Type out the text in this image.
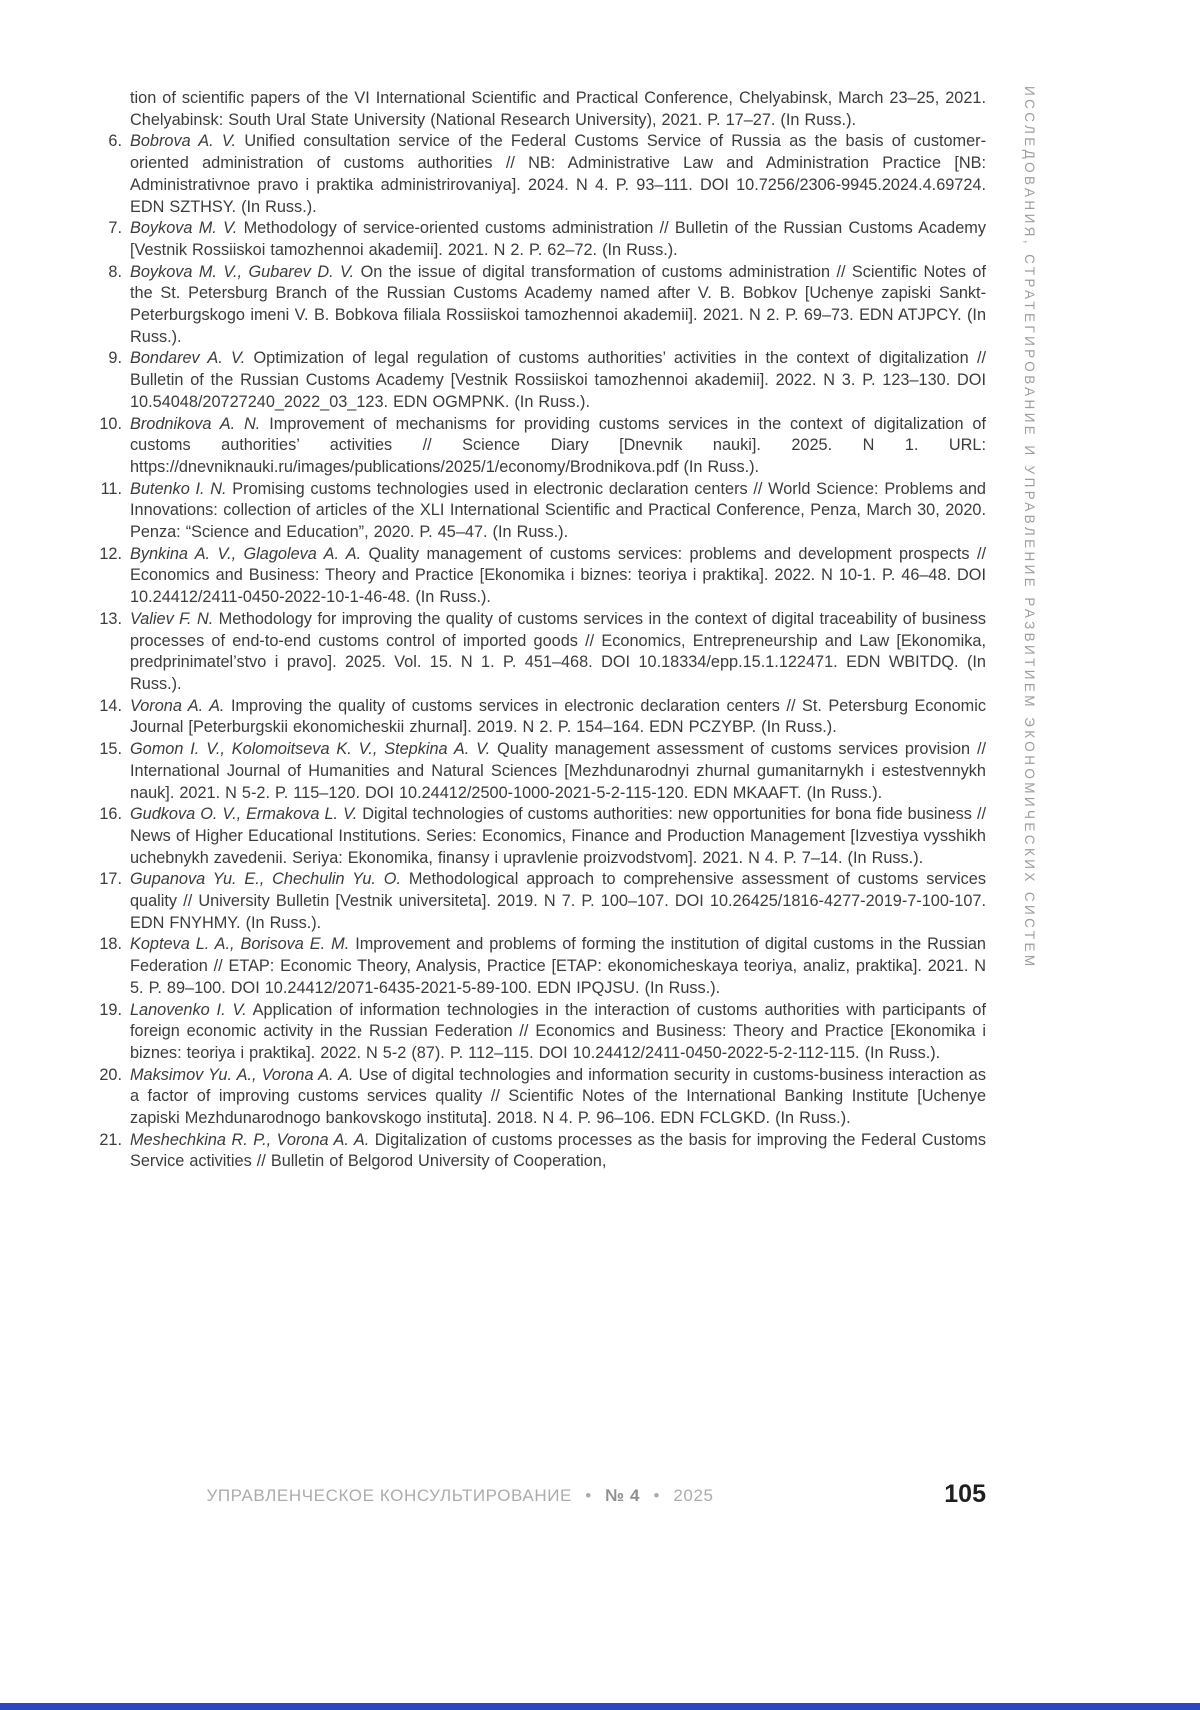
ИССЛЕДОВАНИЯ, СТРАТЕГИРОВАНИЕ И УПРАВЛЕНИЕ РАЗВИТИЕМ ЭКОНОМИЧЕСКИХ СИСТЕМ
tion of scientific papers of the VI International Scientific and Practical Conference, Chelyabinsk, March 23–25, 2021. Chelyabinsk: South Ural State University (National Research University), 2021. P. 17–27. (In Russ.).
6. Bobrova A. V. Unified consultation service of the Federal Customs Service of Russia as the basis of customer-oriented administration of customs authorities // NB: Administrative Law and Administration Practice [NB: Administrativnoe pravo i praktika administrirovaniya]. 2024. N 4. P. 93–111. DOI 10.7256/2306-9945.2024.4.69724. EDN SZTHSY. (In Russ.).
7. Boykova M. V. Methodology of service-oriented customs administration // Bulletin of the Russian Customs Academy [Vestnik Rossiiskoi tamozhennoi akademii]. 2021. N 2. P. 62–72. (In Russ.).
8. Boykova M. V., Gubarev D. V. On the issue of digital transformation of customs administration // Scientific Notes of the St. Petersburg Branch of the Russian Customs Academy named after V. B. Bobkov [Uchenye zapiski Sankt-Peterburgskogo imeni V. B. Bobkova filiala Rossiiskoi tamozhennoi akademii]. 2021. N 2. P. 69–73. EDN ATJPCY. (In Russ.).
9. Bondarev A. V. Optimization of legal regulation of customs authorities’ activities in the context of digitalization // Bulletin of the Russian Customs Academy [Vestnik Rossiiskoi tamozhennoi akademii]. 2022. N 3. P. 123–130. DOI 10.54048/20727240_2022_03_123. EDN OGMPNK. (In Russ.).
10. Brodnikova A. N. Improvement of mechanisms for providing customs services in the context of digitalization of customs authorities’ activities // Science Diary [Dnevnik nauki]. 2025. N 1. URL: https://dnevniknauki.ru/images/publications/2025/1/economy/Brodnikova.pdf (In Russ.).
11. Butenko I. N. Promising customs technologies used in electronic declaration centers // World Science: Problems and Innovations: collection of articles of the XLI International Scientific and Practical Conference, Penza, March 30, 2020. Penza: “Science and Education”, 2020. P. 45–47. (In Russ.).
12. Bynkina A. V., Glagoleva A. A. Quality management of customs services: problems and development prospects // Economics and Business: Theory and Practice [Ekonomika i biznes: teoriya i praktika]. 2022. N 10-1. P. 46–48. DOI 10.24412/2411-0450-2022-10-1-46-48. (In Russ.).
13. Valiev F. N. Methodology for improving the quality of customs services in the context of digital traceability of business processes of end-to-end customs control of imported goods // Economics, Entrepreneurship and Law [Ekonomika, predprinimatel’stvo i pravo]. 2025. Vol. 15. N 1. P. 451–468. DOI 10.18334/epp.15.1.122471. EDN WBITDQ. (In Russ.).
14. Vorona A. A. Improving the quality of customs services in electronic declaration centers // St. Petersburg Economic Journal [Peterburgskii ekonomicheskii zhurnal]. 2019. N 2. P. 154–164. EDN PCZYBP. (In Russ.).
15. Gomon I. V., Kolomoitseva K. V., Stepkina A. V. Quality management assessment of customs services provision // International Journal of Humanities and Natural Sciences [Mezhdunarodnyi zhurnal gumanitarnykh i estestvennykh nauk]. 2021. N 5-2. P. 115–120. DOI 10.24412/2500-1000-2021-5-2-115-120. EDN MKAAFT. (In Russ.).
16. Gudkova O. V., Ermakova L. V. Digital technologies of customs authorities: new opportunities for bona fide business // News of Higher Educational Institutions. Series: Economics, Finance and Production Management [Izvestiya vysshikh uchebnykh zavedenii. Seriya: Ekonomika, finansy i upravlenie proizvodstvom]. 2021. N 4. P. 7–14. (In Russ.).
17. Gupanova Yu. E., Chechulin Yu. O. Methodological approach to comprehensive assessment of customs services quality // University Bulletin [Vestnik universiteta]. 2019. N 7. P. 100–107. DOI 10.26425/1816-4277-2019-7-100-107. EDN FNYHMY. (In Russ.).
18. Kopteva L. A., Borisova E. M. Improvement and problems of forming the institution of digital customs in the Russian Federation // ETAP: Economic Theory, Analysis, Practice [ETAP: ekonomicheskaya teoriya, analiz, praktika]. 2021. N 5. P. 89–100. DOI 10.24412/2071-6435-2021-5-89-100. EDN IPQJSU. (In Russ.).
19. Lanovenko I. V. Application of information technologies in the interaction of customs authorities with participants of foreign economic activity in the Russian Federation // Economics and Business: Theory and Practice [Ekonomika i biznes: teoriya i praktika]. 2022. N 5-2 (87). P. 112–115. DOI 10.24412/2411-0450-2022-5-2-112-115. (In Russ.).
20. Maksimov Yu. A., Vorona A. A. Use of digital technologies and information security in customs-business interaction as a factor of improving customs services quality // Scientific Notes of the International Banking Institute [Uchenye zapiski Mezhdunarodnogo bankovskogo instituta]. 2018. N 4. P. 96–106. EDN FCLGKD. (In Russ.).
21. Meshechkina R. P., Vorona A. A. Digitalization of customs processes as the basis for improving the Federal Customs Service activities // Bulletin of Belgorod University of Cooperation,
УПРАВЛЕНЧЕСКОЕ КОНСУЛЬТИРОВАНИЕ • № 4 • 2025	105
